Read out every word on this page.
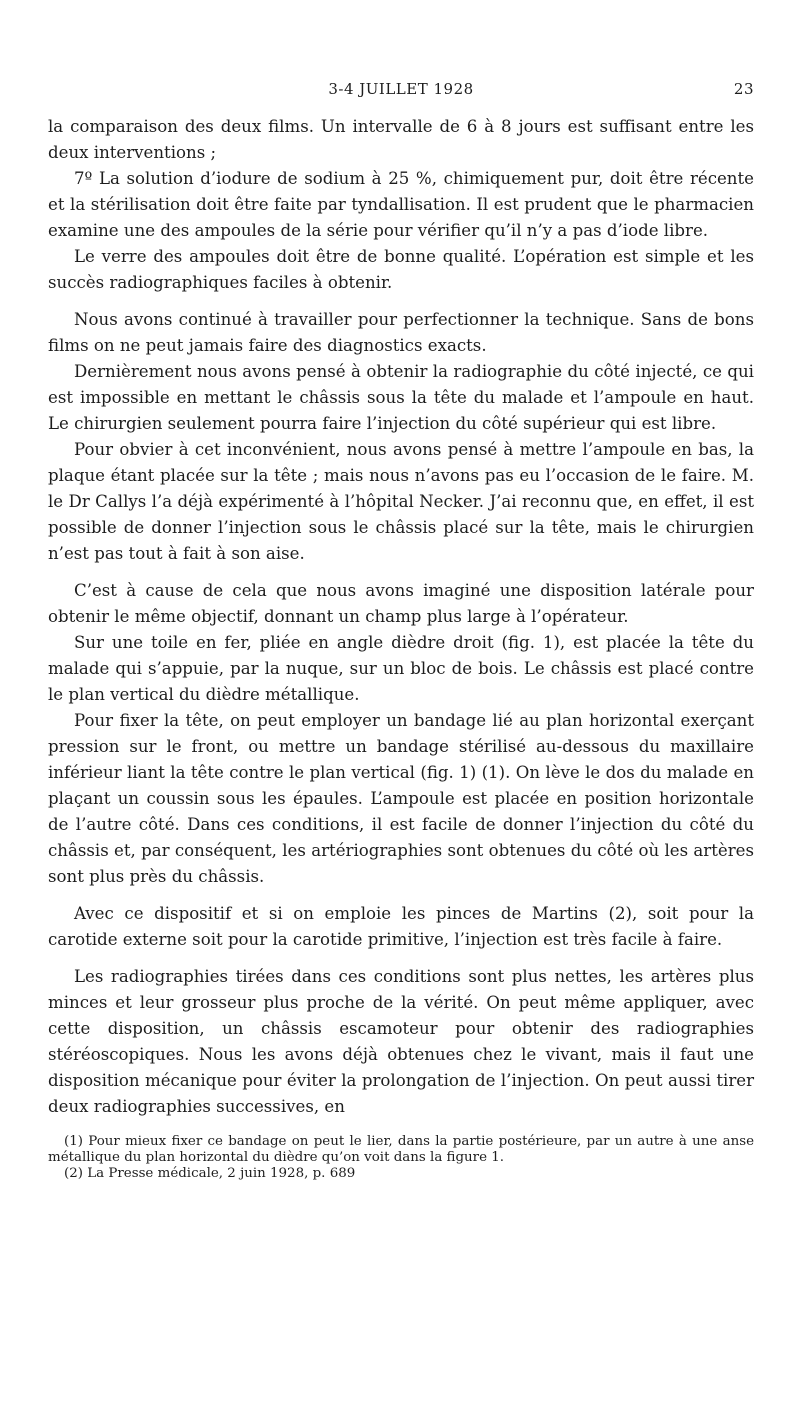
3-4 JUILLET 1928	23

la comparaison des deux films. Un intervalle de 6 à 8 jours est suffisant entre les deux interventions ;

7º La solution d’iodure de sodium à 25 %, chimiquement pur, doit être récente et la stérilisation doit être faite par tyndallisation. Il est prudent que le pharmacien examine une des ampoules de la série pour vérifier qu’il n’y a pas d’iode libre.

Le verre des ampoules doit être de bonne qualité. L’opération est simple et les succès radiographiques faciles à obtenir.

Nous avons continué à travailler pour perfectionner la technique. Sans de bons films on ne peut jamais faire des diagnostics exacts.

Dernièrement nous avons pensé à obtenir la radiographie du côté injecté, ce qui est impossible en mettant le châssis sous la tête du malade et l’ampoule en haut. Le chirurgien seulement pourra faire l’injection du côté supérieur qui est libre.

Pour obvier à cet inconvénient, nous avons pensé à mettre l’ampoule en bas, la plaque étant placée sur la tête ; mais nous n’avons pas eu l’occasion de le faire. M. le Dr Callys l’a déjà expérimenté à l’hôpital Necker. J’ai reconnu que, en effet, il est possible de donner l’injection sous le châssis placé sur la tête, mais le chirurgien n’est pas tout à fait à son aise.

C’est à cause de cela que nous avons imaginé une disposition latérale pour obtenir le même objectif, donnant un champ plus large à l’opérateur.

Sur une toile en fer, pliée en angle dièdre droit (fig. 1), est placée la tête du malade qui s’appuie, par la nuque, sur un bloc de bois. Le châssis est placé contre le plan vertical du dièdre métallique.

Pour fixer la tête, on peut employer un bandage lié au plan horizontal exerçant pression sur le front, ou mettre un bandage stérilisé au-dessous du maxillaire inférieur liant la tête contre le plan vertical (fig. 1) (1). On lève le dos du malade en plaçant un coussin sous les épaules. L’ampoule est placée en position horizontale de l’autre côté. Dans ces conditions, il est facile de donner l’injection du côté du châssis et, par conséquent, les artériographies sont obtenues du côté où les artères sont plus près du châssis.

Avec ce dispositif et si on emploie les pinces de Martins (2), soit pour la carotide externe soit pour la carotide primitive, l’injection est très facile à faire.

Les radiographies tirées dans ces conditions sont plus nettes, les artères plus minces et leur grosseur plus proche de la vérité. On peut même appliquer, avec cette disposition, un châssis escamoteur pour obtenir des radiographies stéréoscopiques. Nous les avons déjà obtenues chez le vivant, mais il faut une disposition mécanique pour éviter la prolongation de l’injection. On peut aussi tirer deux radiographies successives, en

(1) Pour mieux fixer ce bandage on peut le lier, dans la partie postérieure, par un autre à une anse métallique du plan horizontal du dièdre qu’on voit dans la figure 1.

(2) La Presse médicale, 2 juin 1928, p. 689
